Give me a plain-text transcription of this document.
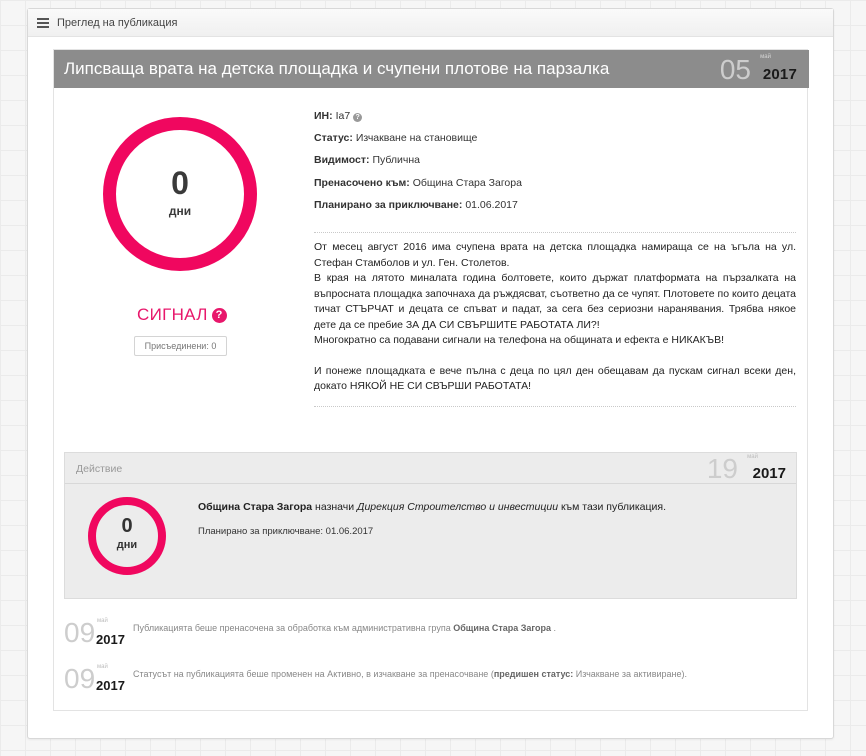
Преглед на публикация
Липсваща врата на детска площадка и счупени плотове на парзалка	05 май
2017
0
дни
СИГНАЛ ?
Присъединени: 0
ИН: Ia7 ?
Статус: Изчакване на становище
Видимост: Публична
Пренасочено към: Община Стара Загора
Планирано за приключване: 01.06.2017

От месец август 2016 има счупена врата на детска площадка намираща се на ъгъла на ул. Стефан Стамболов и ул. Ген. Столетов.

В края на лятото миналата година болтовете, които държат платформата на пързалката на въпросната площадка започнаха да ръждясват, съответно да се чупят. Плотовете по които децата тичат СТЪРЧАТ и децата се спъват и падат, за сега без сериозни наранявания. Трябва някое дете да се пребие ЗА ДА СИ СВЪРШИТЕ РАБОТАТА ЛИ?!

Многократно са подавани сигнали на телефона на общината и ефекта е НИКАКЪВ!

И понеже площадката е вече пълна с деца по цял ден обещавам да пускам сигнал всеки ден, докато НЯКОЙ НЕ СИ СВЪРШИ РАБОТАТА!

Действие	19 май
2017
0
дни
Община Стара Загора назначи Дирекция Строителство и инвестиции към тази публикация.
Планирано за приключване: 01.06.2017
09 май
2017
Публикацията беше пренасочена за обработка към административна група Община Стара Загора .
09 май
2017
Статусът на публикацията беше променен на Активно, в изчакване за пренасочване (предишен статус: Изчакване за активиране).
